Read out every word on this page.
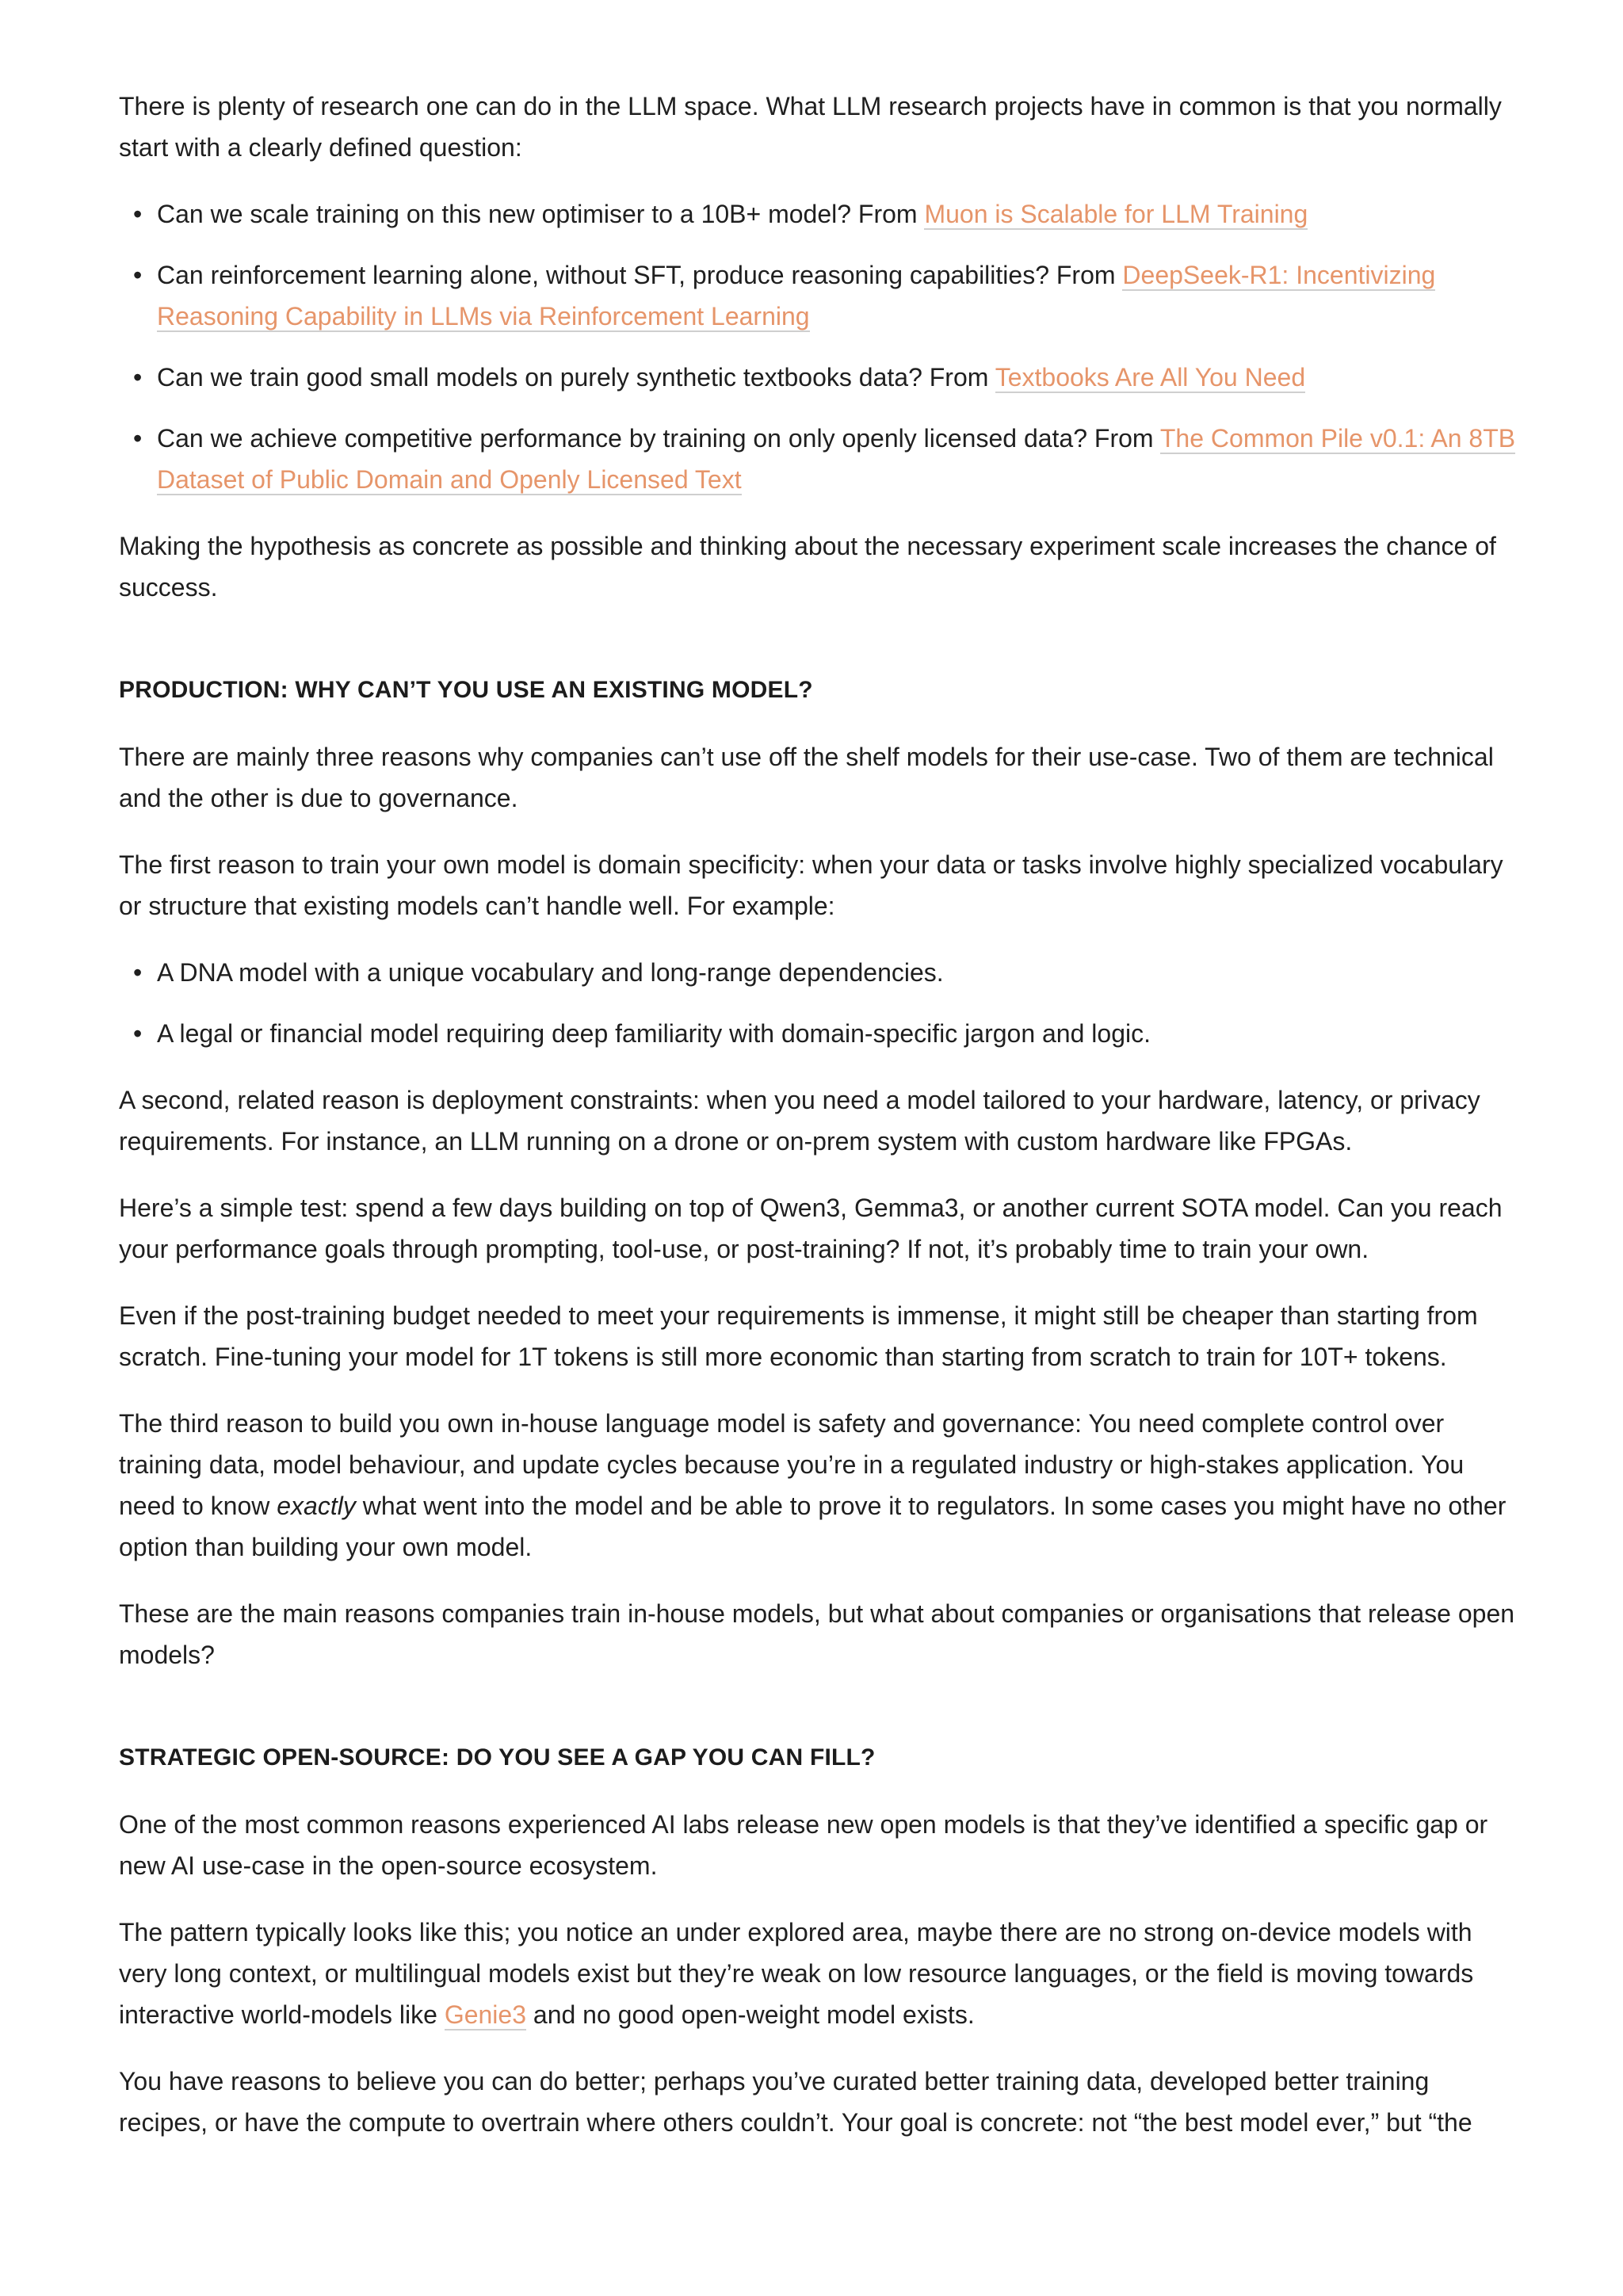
There is plenty of research one can do in the LLM space. What LLM research projects have in common is that you normally start with a clearly defined question:

• Can we scale training on this new optimiser to a 10B+ model? From Muon is Scalable for LLM Training
• Can reinforcement learning alone, without SFT, produce reasoning capabilities? From DeepSeek-R1: Incentivizing Reasoning Capability in LLMs via Reinforcement Learning
• Can we train good small models on purely synthetic textbooks data? From Textbooks Are All You Need
• Can we achieve competitive performance by training on only openly licensed data? From The Common Pile v0.1: An 8TB Dataset of Public Domain and Openly Licensed Text

Making the hypothesis as concrete as possible and thinking about the necessary experiment scale increases the chance of success.

PRODUCTION: WHY CAN’T YOU USE AN EXISTING MODEL?

There are mainly three reasons why companies can’t use off the shelf models for their use-case. Two of them are technical and the other is due to governance.

The first reason to train your own model is domain specificity: when your data or tasks involve highly specialized vocabulary or structure that existing models can’t handle well. For example:

• A DNA model with a unique vocabulary and long-range dependencies.
• A legal or financial model requiring deep familiarity with domain-specific jargon and logic.

A second, related reason is deployment constraints: when you need a model tailored to your hardware, latency, or privacy requirements. For instance, an LLM running on a drone or on-prem system with custom hardware like FPGAs.

Here’s a simple test: spend a few days building on top of Qwen3, Gemma3, or another current SOTA model. Can you reach your performance goals through prompting, tool-use, or post-training? If not, it’s probably time to train your own.

Even if the post-training budget needed to meet your requirements is immense, it might still be cheaper than starting from scratch. Fine-tuning your model for 1T tokens is still more economic than starting from scratch to train for 10T+ tokens.

The third reason to build you own in-house language model is safety and governance: You need complete control over training data, model behaviour, and update cycles because you’re in a regulated industry or high-stakes application. You need to know exactly what went into the model and be able to prove it to regulators. In some cases you might have no other option than building your own model.

These are the main reasons companies train in-house models, but what about companies or organisations that release open models?

STRATEGIC OPEN-SOURCE: DO YOU SEE A GAP YOU CAN FILL?

One of the most common reasons experienced AI labs release new open models is that they’ve identified a specific gap or new AI use-case in the open-source ecosystem.

The pattern typically looks like this; you notice an under explored area, maybe there are no strong on-device models with very long context, or multilingual models exist but they’re weak on low resource languages, or the field is moving towards interactive world-models like Genie3 and no good open-weight model exists.

You have reasons to believe you can do better; perhaps you’ve curated better training data, developed better training recipes, or have the compute to overtrain where others couldn’t. Your goal is concrete: not “the best model ever,” but “the
